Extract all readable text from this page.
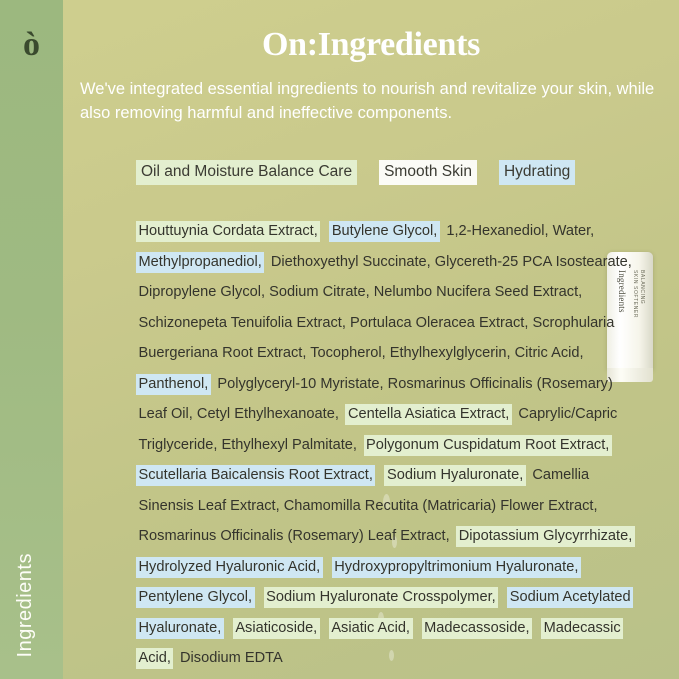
ò
Ingredients
On:Ingredients
We've integrated essential ingredients to nourish and revitalize your skin, while also removing harmful and ineffective components.
Oil and Moisture Balance Care	Smooth Skin	Hydrating
Ingredients	BALANCING
SKIN SOFTENER
Houttuynia Cordata Extract, Butylene Glycol, 1,2-Hexanediol, Water, Methylpropanediol, Diethoxyethyl Succinate, Glycereth-25 PCA Isostearate, Dipropylene Glycol, Sodium Citrate, Nelumbo Nucifera Seed Extract, Schizonepeta Tenuifolia Extract, Portulaca Oleracea Extract, Scrophularia Buergeriana Root Extract, Tocopherol, Ethylhexylglycerin, Citric Acid, Panthenol, Polyglyceryl-10 Myristate, Rosmarinus Officinalis (Rosemary) Leaf Oil, Cetyl Ethylhexanoate, Centella Asiatica Extract, Caprylic/Capric Triglyceride, Ethylhexyl Palmitate, Polygonum Cuspidatum Root Extract, Scutellaria Baicalensis Root Extract, Sodium Hyaluronate, Camellia Sinensis Leaf Extract, Chamomilla Recutita (Matricaria) Flower Extract, Rosmarinus Officinalis (Rosemary) Leaf Extract, Dipotassium Glycyrrhizate, Hydrolyzed Hyaluronic Acid, Hydroxypropyltrimonium Hyaluronate, Pentylene Glycol, Sodium Hyaluronate Crosspolymer, Sodium Acetylated Hyaluronate, Asiaticoside, Asiatic Acid, Madecassoside, Madecassic Acid, Disodium EDTA
